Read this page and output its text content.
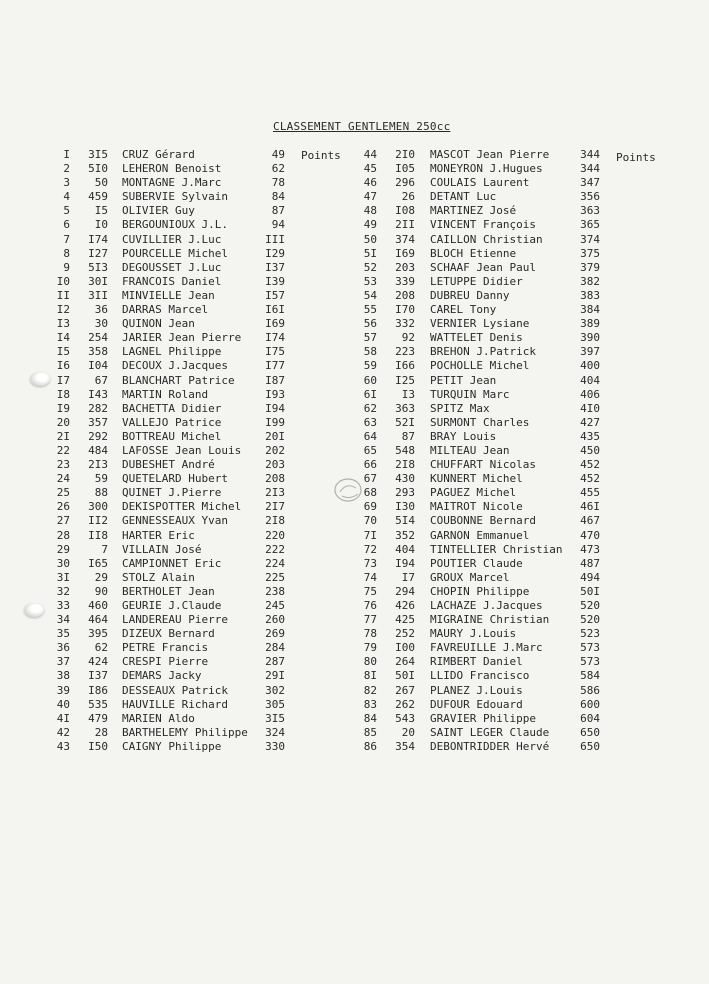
CLASSEMENT GENTLEMEN 250cc
Points	Points
I	3I5 CRUZ Gérard	49
2	5I0 LEHERON Benoist	62
3	50 MONTAGNE J.Marc	78
4	459 SUBERVIE Sylvain	84
5	I5 OLIVIER Guy	87
6	I0 BERGOUNIOUX J.L.	94
7	I74 CUVILLIER J.Luc	III
8	I27 POURCELLE Michel	I29
9	5I3 DEGOUSSET J.Luc	I37
I0	30I FRANCOIS Daniel	I39
II	3II MINVIELLE Jean	I57
I2	36 DARRAS Marcel	I6I
I3	30 QUINON Jean	I69
I4	254 JARIER Jean Pierre	I74
I5	358 LAGNEL Philippe	I75
I6	I04 DECOUX J.Jacques	I77
I7	67 BLANCHART Patrice	I87
I8	I43 MARTIN Roland	I93
I9	282 BACHETTA Didier	I94
20	357 VALLEJO Patrice	I99
2I	292 BOTTREAU Michel	20I
22	484 LAFOSSE Jean Louis	202
23	2I3 DUBESHET André	203
24	59 QUETELARD Hubert	208
25	88 QUINET J.Pierre	2I3
26	300 DEKISPOTTER Michel	2I7
27	II2 GENNESSEAUX Yvan	2I8
28	II8 HARTER Eric	220
29	7 VILLAIN José	222
30	I65 CAMPIONNET Eric	224
3I	29 STOLZ Alain	225
32	90 BERTHOLET Jean	238
33	460 GEURIE J.Claude	245
34	464 LANDEREAU Pierre	260
35	395 DIZEUX Bernard	269
36	62 PETRE Francis	284
37	424 CRESPI Pierre	287
38	I37 DEMARS Jacky	29I
39	I86 DESSEAUX Patrick	302
40	535 HAUVILLE Richard	305
4I	479 MARIEN Aldo	3I5
42	28 BARTHELEMY Philippe	324
43	I50 CAIGNY Philippe	330
44	2I0 MASCOT Jean Pierre	344
45	I05 MONEYRON J.Hugues	344
46	296 COULAIS Laurent	347
47	26 DETANT Luc	356
48	I08 MARTINEZ José	363
49	2II VINCENT François	365
50	374 CAILLON Christian	374
5I	I69 BLOCH Etienne	375
52	203 SCHAAF Jean Paul	379
53	339 LETUPPE Didier	382
54	208 DUBREU Danny	383
55	I70 CAREL Tony	384
56	332 VERNIER Lysiane	389
57	92 WATTELET Denis	390
58	223 BREHON J.Patrick	397
59	I66 POCHOLLE Michel	400
60	I25 PETIT Jean	404
6I	I3 TURQUIN Marc	406
62	363 SPITZ Max	4I0
63	52I SURMONT Charles	427
64	87 BRAY Louis	435
65	548 MILTEAU Jean	450
66	2I8 CHUFFART Nicolas	452
67	430 KUNNERT Michel	452
68	293 PAGUEZ Michel	455
69	I30 MAITROT Nicole	46I
70	5I4 COUBONNE Bernard	467
7I	352 GARNON Emmanuel	470
72	404 TINTELLIER Christian	473
73	I94 POUTIER Claude	487
74	I7 GROUX Marcel	494
75	294 CHOPIN Philippe	50I
76	426 LACHAZE J.Jacques	520
77	425 MIGRAINE Christian	520
78	252 MAURY J.Louis	523
79	I00 FAVREUILLE J.Marc	573
80	264 RIMBERT Daniel	573
8I	50I LLIDO Francisco	584
82	267 PLANEZ J.Louis	586
83	262 DUFOUR Edouard	600
84	543 GRAVIER Philippe	604
85	20 SAINT LEGER Claude	650
86	354 DEBONTRIDDER Hervé	650
